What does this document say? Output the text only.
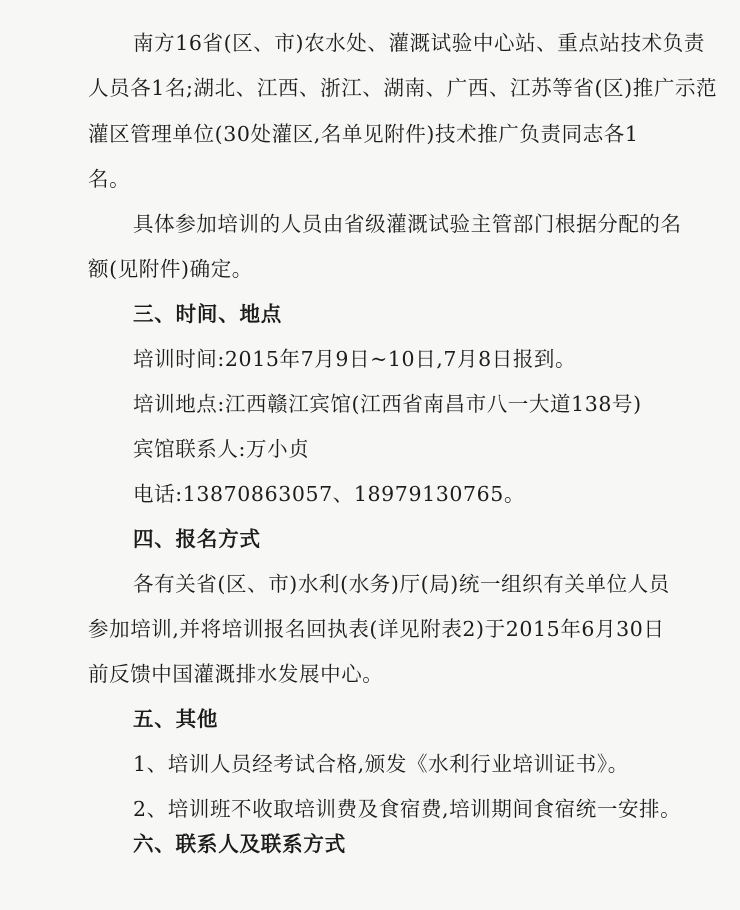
南方16省(区、市)农水处、灌溉试验中心站、重点站技术负责
人员各1名;湖北、江西、浙江、湖南、广西、江苏等省(区)推广示范
灌区管理单位(30处灌区,名单见附件)技术推广负责同志各1
名。
具体参加培训的人员由省级灌溉试验主管部门根据分配的名
额(见附件)确定。
三、时间、地点
培训时间:2015年7月9日~10日,7月8日报到。
培训地点:江西赣江宾馆(江西省南昌市八一大道138号)
宾馆联系人:万小贞
电话:13870863057、18979130765。
四、报名方式
各有关省(区、市)水利(水务)厅(局)统一组织有关单位人员
参加培训,并将培训报名回执表(详见附表2)于2015年6月30日
前反馈中国灌溉排水发展中心。
五、其他
1、培训人员经考试合格,颁发《水利行业培训证书》。
2、培训班不收取培训费及食宿费,培训期间食宿统一安排。
六、联系人及联系方式
